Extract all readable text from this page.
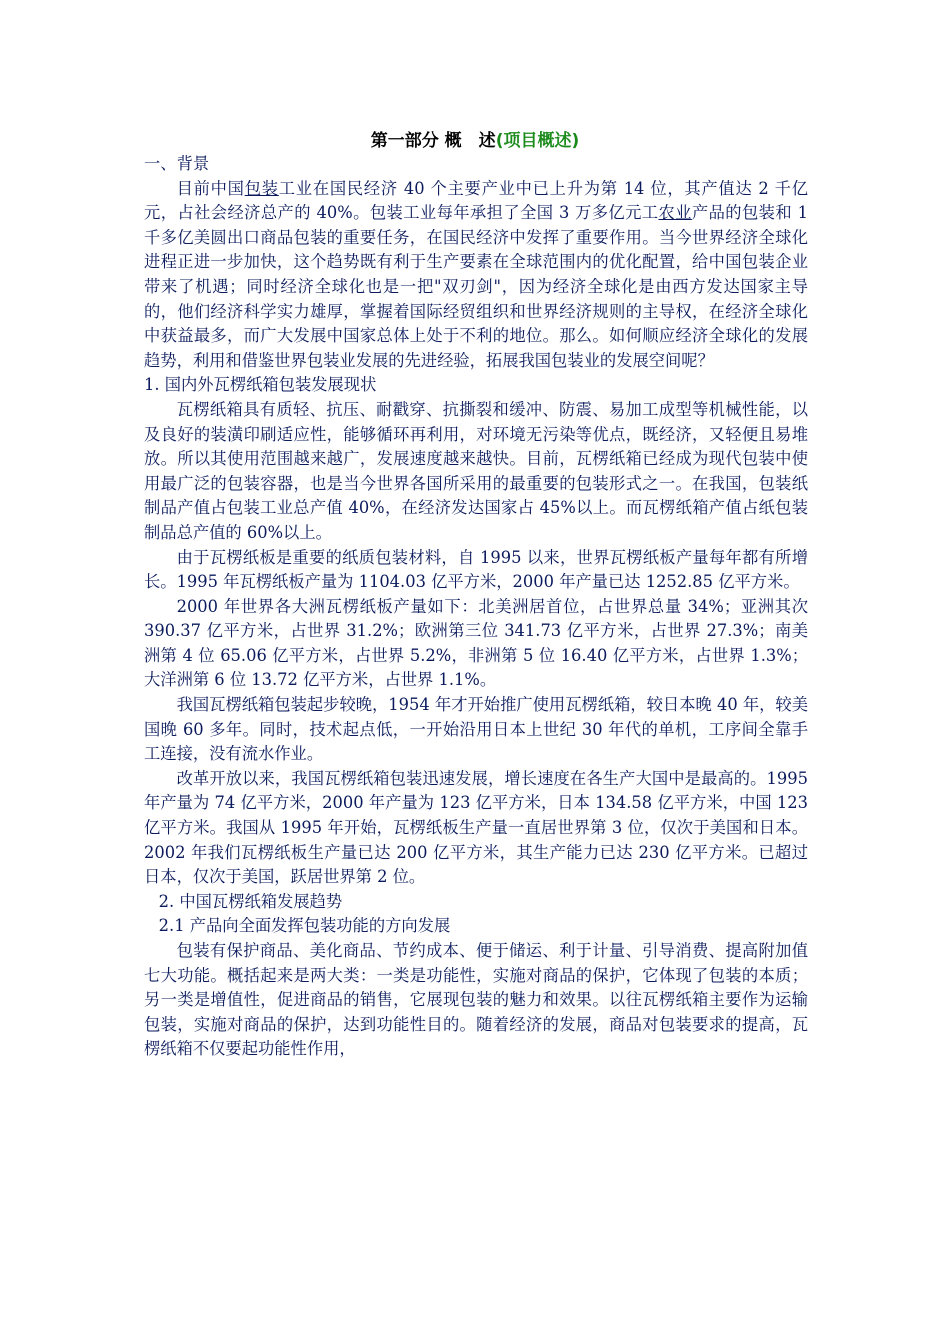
第一部分 概　述(项目概述)

一、背景

目前中国包装工业在国民经济 40 个主要产业中已上升为第 14 位，其产值达 2 千亿元，占社会经济总产的 40%。包装工业每年承担了全国 3 万多亿元工农业产品的包装和 1 千多亿美圆出口商品包装的重要任务，在国民经济中发挥了重要作用。当今世界经济全球化进程正进一步加快，这个趋势既有利于生产要素在全球范围内的优化配置，给中国包装企业带来了机遇；同时经济全球化也是一把"双刃剑"，因为经济全球化是由西方发达国家主导的，他们经济科学实力雄厚，掌握着国际经贸组织和世界经济规则的主导权，在经济全球化中获益最多，而广大发展中国家总体上处于不利的地位。那么。如何顺应经济全球化的发展趋势，利用和借鉴世界包装业发展的先进经验，拓展我国包装业的发展空间呢？

1. 国内外瓦楞纸箱包装发展现状

瓦楞纸箱具有质轻、抗压、耐戳穿、抗撕裂和缓冲、防震、易加工成型等机械性能，以及良好的装潢印刷适应性，能够循环再利用，对环境无污染等优点，既经济，又轻便且易堆放。所以其使用范围越来越广，发展速度越来越快。目前，瓦楞纸箱已经成为现代包装中使用最广泛的包装容器，也是当今世界各国所采用的最重要的包装形式之一。在我国，包装纸制品产值占包装工业总产值 40%，在经济发达国家占 45%以上。而瓦楞纸箱产值占纸包装制品总产值的 60%以上。

由于瓦楞纸板是重要的纸质包装材料，自 1995 以来，世界瓦楞纸板产量每年都有所增长。1995 年瓦楞纸板产量为 1104.03 亿平方米，2000 年产量已达 1252.85 亿平方米。

2000 年世界各大洲瓦楞纸板产量如下：北美洲居首位，占世界总量 34%；亚洲其次 390.37 亿平方米，占世界 31.2%；欧洲第三位 341.73 亿平方米，占世界 27.3%；南美洲第 4 位 65.06 亿平方米，占世界 5.2%，非洲第 5 位 16.40 亿平方米，占世界 1.3%；大洋洲第 6 位 13.72 亿平方米，占世界 1.1%。

我国瓦楞纸箱包装起步较晚，1954 年才开始推广使用瓦楞纸箱，较日本晚 40 年，较美国晚 60 多年。同时，技术起点低，一开始沿用日本上世纪 30 年代的单机，工序间全靠手工连接，没有流水作业。

改革开放以来，我国瓦楞纸箱包装迅速发展，增长速度在各生产大国中是最高的。1995 年产量为 74 亿平方米，2000 年产量为 123 亿平方米，日本 134.58 亿平方米，中国 123 亿平方米。我国从 1995 年开始，瓦楞纸板生产量一直居世界第 3 位，仅次于美国和日本。2002 年我们瓦楞纸板生产量已达 200 亿平方米，其生产能力已达 230 亿平方米。已超过日本，仅次于美国，跃居世界第 2 位。

2. 中国瓦楞纸箱发展趋势

2.1 产品向全面发挥包装功能的方向发展

包装有保护商品、美化商品、节约成本、便于储运、利于计量、引导消费、提高附加值七大功能。概括起来是两大类：一类是功能性，实施对商品的保护，它体现了包装的本质；另一类是增值性，促进商品的销售，它展现包装的魅力和效果。以往瓦楞纸箱主要作为运输包装，实施对商品的保护，达到功能性目的。随着经济的发展，商品对包装要求的提高，瓦楞纸箱不仅要起功能性作用，
